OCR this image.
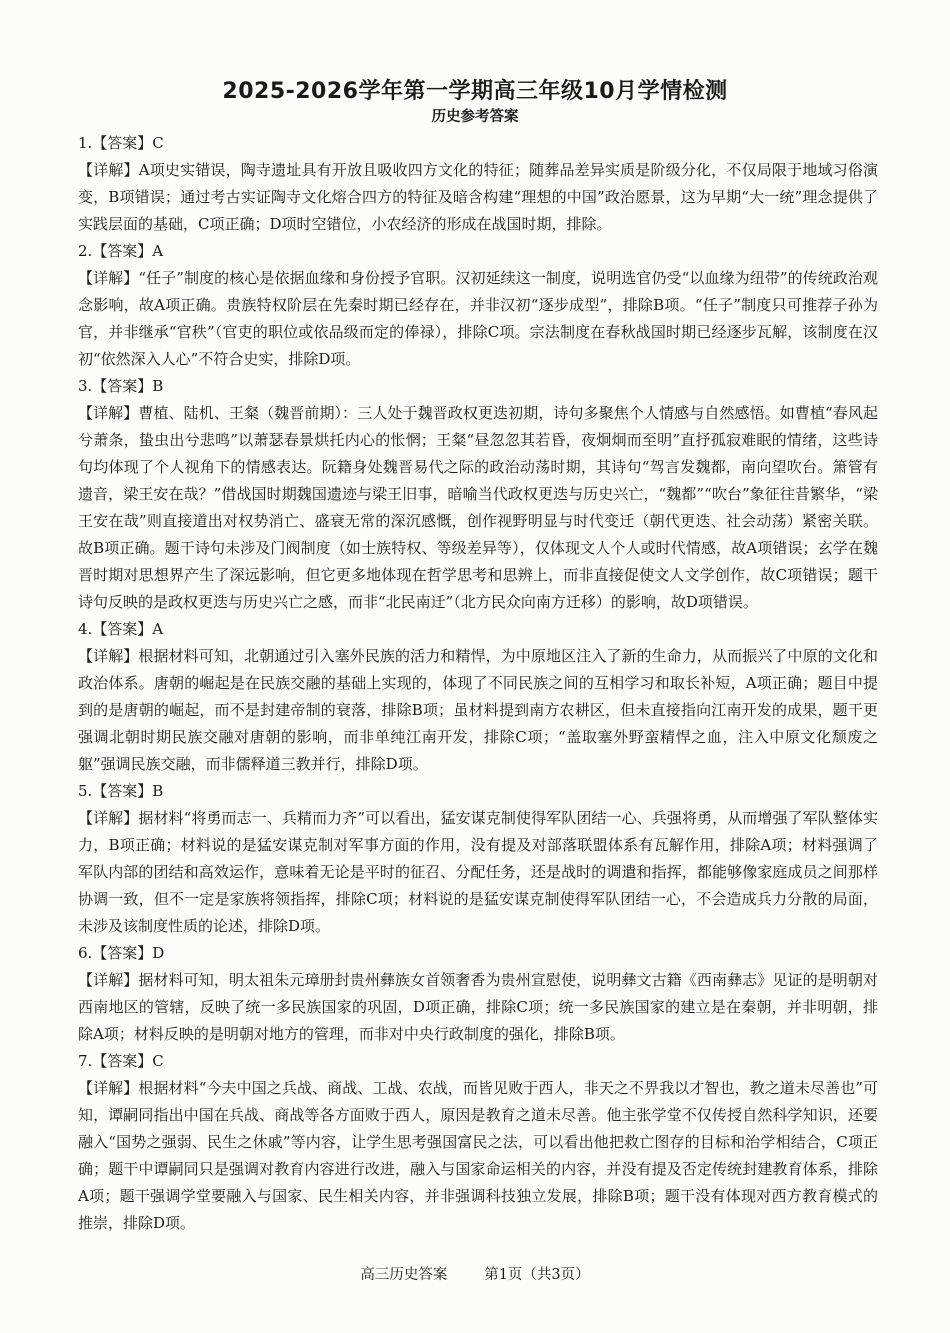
2025-2026学年第一学期高三年级10月学情检测
历史参考答案
1.【答案】C
【详解】A项史实错误，陶寺遗址具有开放且吸收四方文化的特征；随葬品差异实质是阶级分化，不仅局限于地域习俗演变，B项错误；通过考古实证陶寺文化熔合四方的特征及暗含构建“理想的中国”政治愿景，这为早期“大一统”理念提供了实践层面的基础，C项正确；D项时空错位，小农经济的形成在战国时期，排除。
2.【答案】A
【详解】“任子”制度的核心是依据血缘和身份授予官职。汉初延续这一制度，说明选官仍受“以血缘为纽带”的传统政治观念影响，故A项正确。贵族特权阶层在先秦时期已经存在，并非汉初“逐步成型”，排除B项。“任子”制度只可推荐子孙为官，并非继承“官秩”（官吏的职位或依品级而定的俸禄），排除C项。宗法制度在春秋战国时期已经逐步瓦解，该制度在汉初“依然深入人心”不符合史实，排除D项。
3.【答案】B
【详解】曹植、陆机、王粲（魏晋前期）：三人处于魏晋政权更迭初期，诗句多聚焦个人情感与自然感悟。如曹植“春风起兮萧条，蛰虫出兮悲鸣”以萧瑟春景烘托内心的怅惘；王粲“昼忽忽其若昏，夜炯炯而至明”直抒孤寂难眠的情绪，这些诗句均体现了个人视角下的情感表达。阮籍身处魏晋易代之际的政治动荡时期，其诗句“驾言发魏都，南向望吹台。箫管有遗音，梁王安在哉？”借战国时期魏国遗迹与梁王旧事，暗喻当代政权更迭与历史兴亡，“魏都”“吹台”象征往昔繁华，“梁王安在哉”则直接道出对权势消亡、盛衰无常的深沉感慨，创作视野明显与时代变迁（朝代更迭、社会动荡）紧密关联。故B项正确。题干诗句未涉及门阀制度（如士族特权、等级差异等），仅体现文人个人或时代情感，故A项错误；玄学在魏晋时期对思想界产生了深远影响，但它更多地体现在哲学思考和思辨上，而非直接促使文人文学创作，故C项错误；题干诗句反映的是政权更迭与历史兴亡之感，而非“北民南迁”（北方民众向南方迁移）的影响，故D项错误。
4.【答案】A
【详解】根据材料可知，北朝通过引入塞外民族的活力和精悍，为中原地区注入了新的生命力，从而振兴了中原的文化和政治体系。唐朝的崛起是在民族交融的基础上实现的，体现了不同民族之间的互相学习和取长补短，A项正确；题目中提到的是唐朝的崛起，而不是封建帝制的衰落，排除B项；虽材料提到南方农耕区，但未直接指向江南开发的成果，题干更强调北朝时期民族交融对唐朝的影响，而非单纯江南开发，排除C项；“盖取塞外野蛮精悍之血，注入中原文化颓废之躯”强调民族交融，而非儒释道三教并行，排除D项。
5.【答案】B
【详解】据材料“将勇而志一、兵精而力齐”可以看出，猛安谋克制使得军队团结一心、兵强将勇，从而增强了军队整体实力，B项正确；材料说的是猛安谋克制对军事方面的作用，没有提及对部落联盟体系有瓦解作用，排除A项；材料强调了军队内部的团结和高效运作，意味着无论是平时的征召、分配任务，还是战时的调遣和指挥，都能够像家庭成员之间那样协调一致，但不一定是家族将领指挥，排除C项；材料说的是猛安谋克制使得军队团结一心，不会造成兵力分散的局面，未涉及该制度性质的论述，排除D项。
6.【答案】D
【详解】据材料可知，明太祖朱元璋册封贵州彝族女首领奢香为贵州宣慰使，说明彝文古籍《西南彝志》见证的是明朝对西南地区的管辖，反映了统一多民族国家的巩固，D项正确，排除C项；统一多民族国家的建立是在秦朝，并非明朝，排除A项；材料反映的是明朝对地方的管理，而非对中央行政制度的强化，排除B项。
7.【答案】C
【详解】根据材料“今夫中国之兵战、商战、工战、农战，而皆见败于西人，非天之不畀我以才智也，教之道未尽善也”可知，谭嗣同指出中国在兵战、商战等各方面败于西人，原因是教育之道未尽善。他主张学堂不仅传授自然科学知识，还要融入“国势之强弱、民生之休戚”等内容，让学生思考强国富民之法，可以看出他把救亡图存的目标和治学相结合，C项正确；题干中谭嗣同只是强调对教育内容进行改进，融入与国家命运相关的内容，并没有提及否定传统封建教育体系，排除A项；题干强调学堂要融入与国家、民生相关内容，并非强调科技独立发展，排除B项；题干没有体现对西方教育模式的推崇，排除D项。
高三历史答案	第1页（共3页）
